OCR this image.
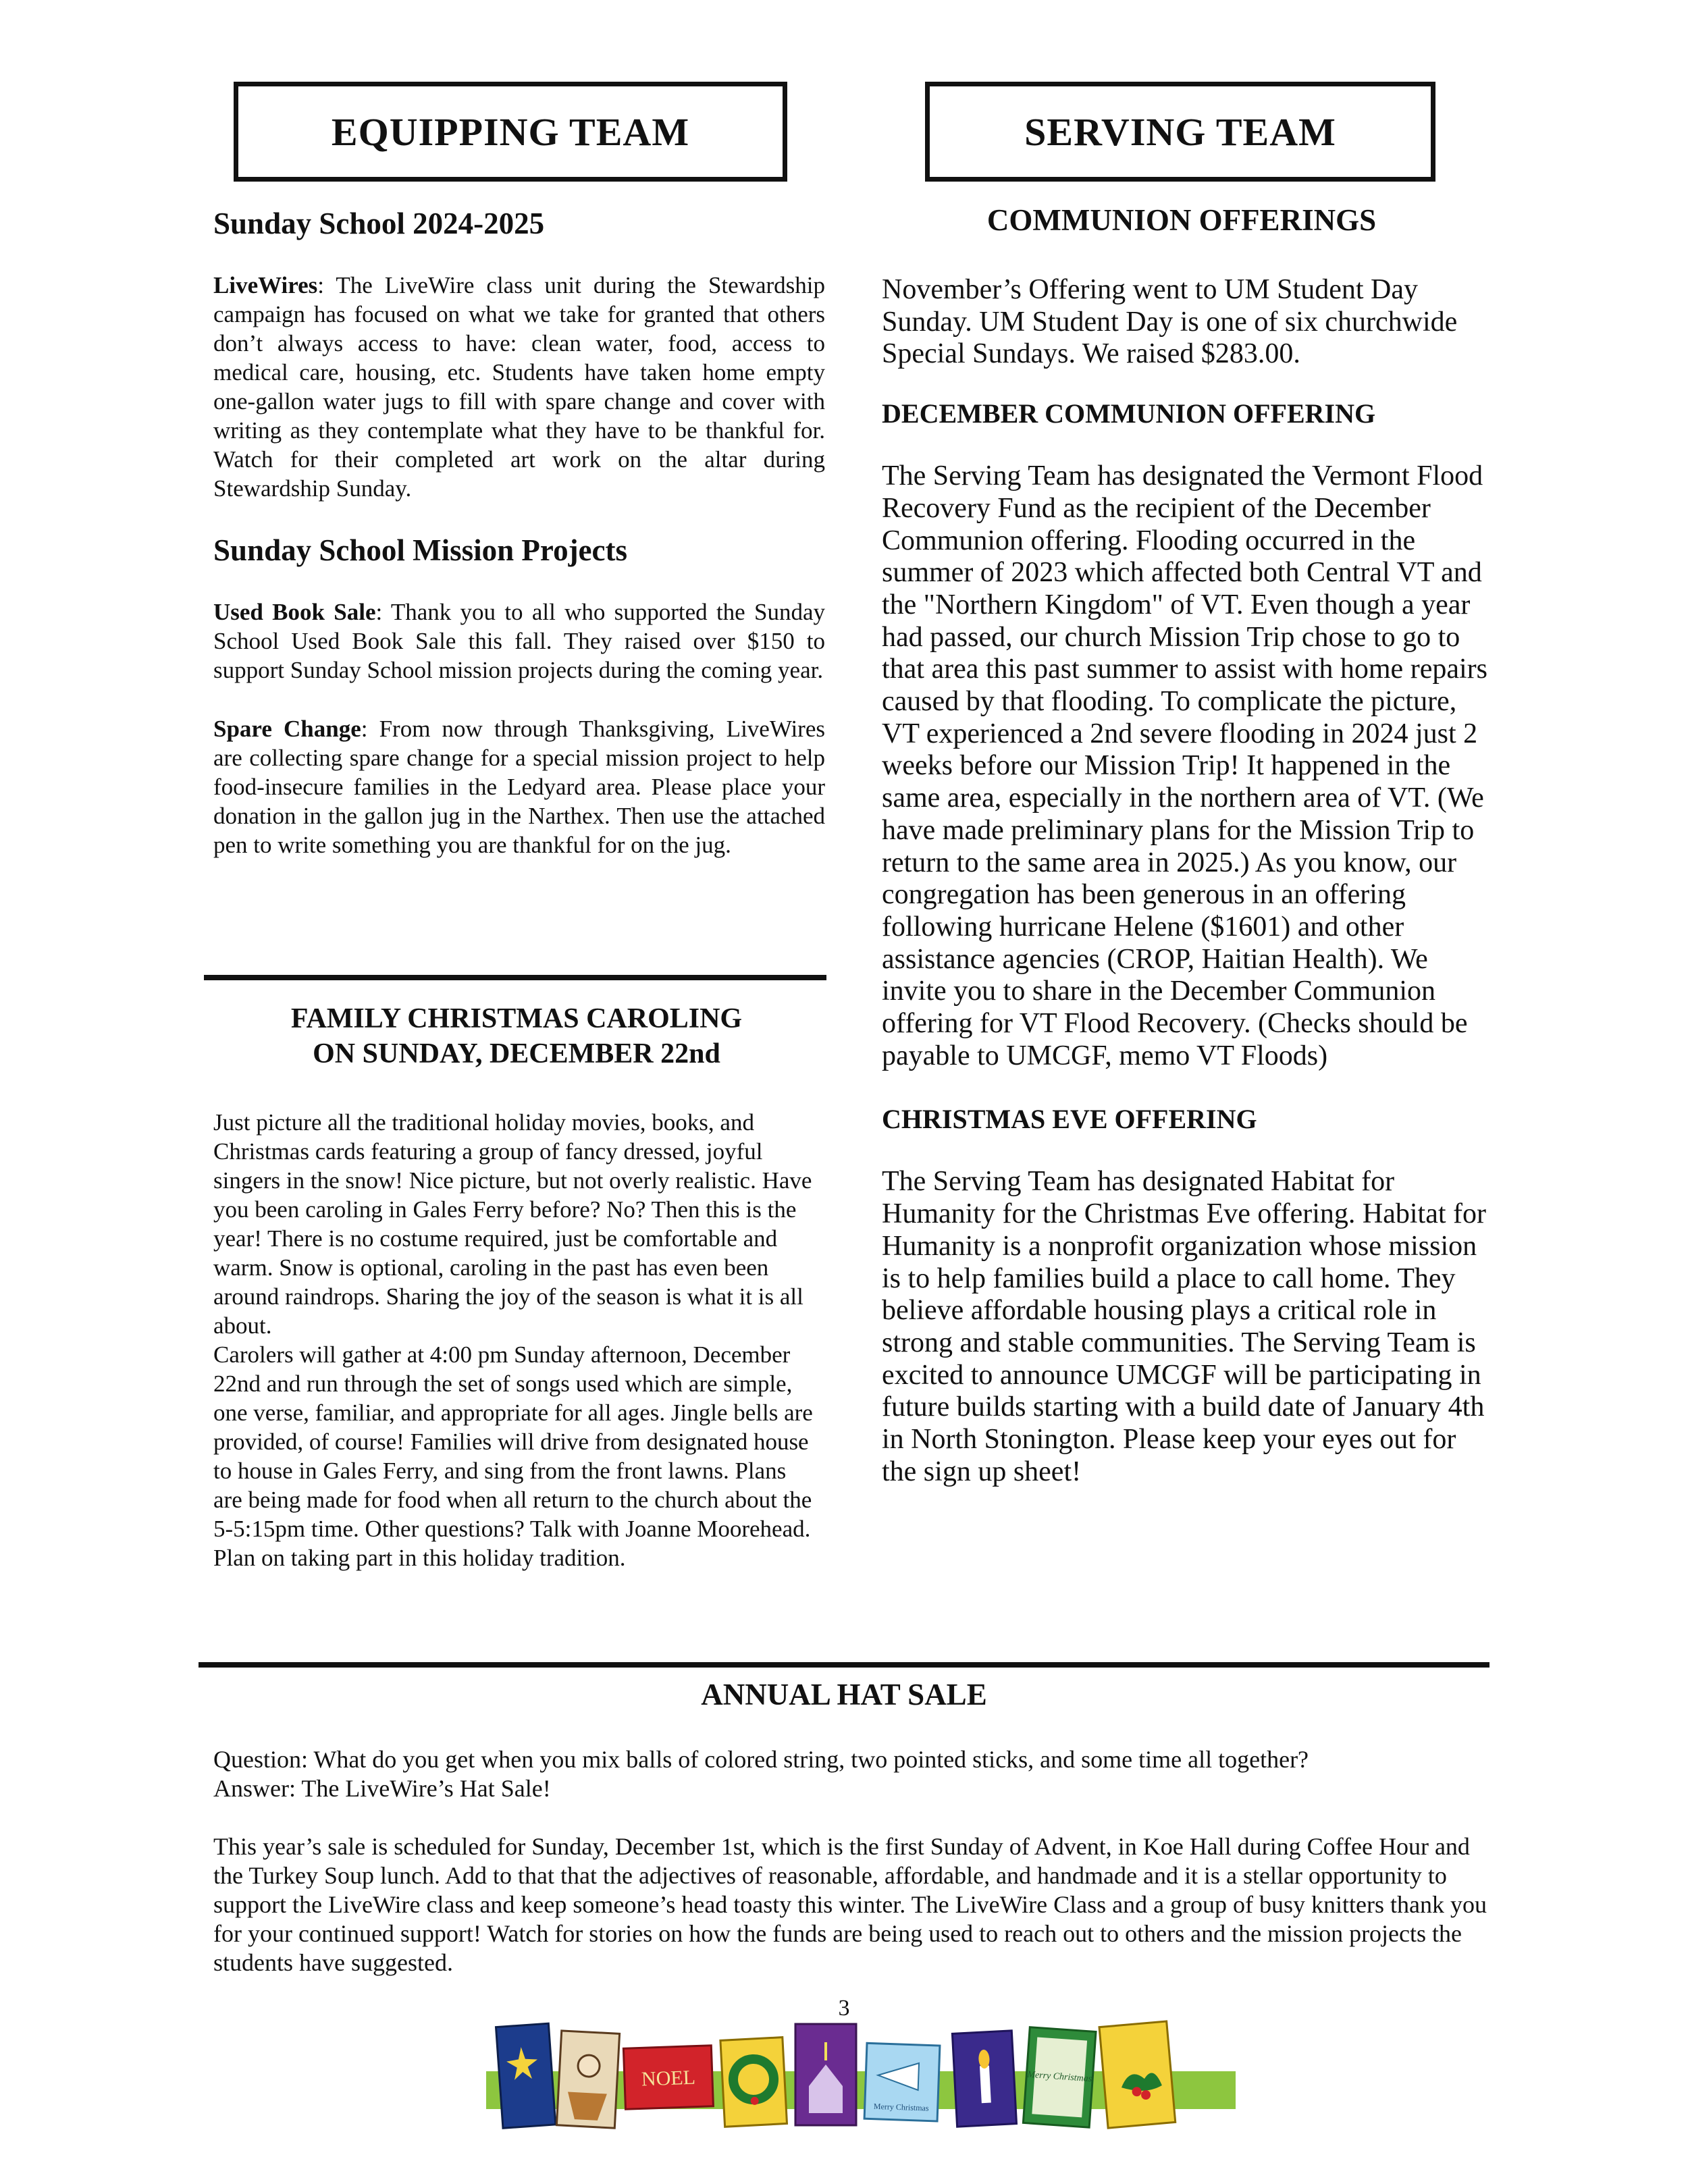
EQUIPPING TEAM
Sunday School 2024-2025

LiveWires: The LiveWire class unit during the Stewardship campaign has focused on what we take for granted that others don’t always access to have: clean water, food, access to medical care, housing, etc. Students have taken home empty one-gallon water jugs to fill with spare change and cover with writing as they contemplate what they have to be thankful for. Watch for their completed art work on the altar during Stewardship Sunday.

Sunday School Mission Projects

Used Book Sale: Thank you to all who supported the Sunday School Used Book Sale this fall. They raised over $150 to support Sunday School mission projects during the coming year.

Spare Change: From now through Thanksgiving, LiveWires are collecting spare change for a special mission project to help food-insecure families in the Ledyard area. Please place your donation in the gallon jug in the Narthex. Then use the attached pen to write something you are thankful for on the jug.

FAMILY CHRISTMAS CAROLING
ON SUNDAY, DECEMBER 22nd

Just picture all the traditional holiday movies, books, and Christmas cards featuring a group of fancy dressed, joyful singers in the snow! Nice picture, but not overly realistic. Have you been caroling in Gales Ferry before? No? Then this is the year! There is no costume required, just be comfortable and warm. Snow is optional, caroling in the past has even been around raindrops. Sharing the joy of the season is what it is all about.

Carolers will gather at 4:00 pm Sunday afternoon, December 22nd and run through the set of songs used which are simple, one verse, familiar, and appropriate for all ages. Jingle bells are provided, of course! Families will drive from designated house to house in Gales Ferry, and sing from the front lawns. Plans are being made for food when all return to the church about the 5-5:15pm time. Other questions? Talk with Joanne Moorehead. Plan on taking part in this holiday tradition.

SERVING TEAM
COMMUNION OFFERINGS

November’s Offering went to UM Student Day Sunday. UM Student Day is one of six churchwide Special Sundays. We raised $283.00.

DECEMBER COMMUNION OFFERING

The Serving Team has designated the Vermont Flood Recovery Fund as the recipient of the December Communion offering. Flooding occurred in the summer of 2023 which affected both Central VT and the "Northern Kingdom" of VT. Even though a year had passed, our church Mission Trip chose to go to that area this past summer to assist with home repairs caused by that flooding. To complicate the picture, VT experienced a 2nd severe flooding in 2024 just 2 weeks before our Mission Trip! It happened in the same area, especially in the northern area of VT. (We have made preliminary plans for the Mission Trip to return to the same area in 2025.) As you know, our congregation has been generous in an offering following hurricane Helene ($1601) and other assistance agencies (CROP, Haitian Health). We invite you to share in the December Communion offering for VT Flood Recovery. (Checks should be payable to UMCGF, memo VT Floods)

CHRISTMAS EVE OFFERING

The Serving Team has designated Habitat for Humanity for the Christmas Eve offering. Habitat for Humanity is a nonprofit organization whose mission is to help families build a place to call home. They believe affordable housing plays a critical role in strong and stable communities. The Serving Team is excited to announce UMCGF will be participating in future builds starting with a build date of January 4th in North Stonington. Please keep your eyes out for the sign up sheet!

ANNUAL HAT SALE

Question: What do you get when you mix balls of colored string, two pointed sticks, and some time all together?

Answer: The LiveWire’s Hat Sale!

This year’s sale is scheduled for Sunday, December 1st, which is the first Sunday of Advent, in Koe Hall during Coffee Hour and the Turkey Soup lunch. Add to that that the adjectives of reasonable, affordable, and handmade and it is a stellar opportunity to support the LiveWire class and keep someone’s head toasty this winter. The LiveWire Class and a group of busy knitters thank you for your continued support! Watch for stories on how the funds are being used to reach out to others and the mission projects the students have suggested.

3
NOEL
Merry Christmas
Merry Christmas
